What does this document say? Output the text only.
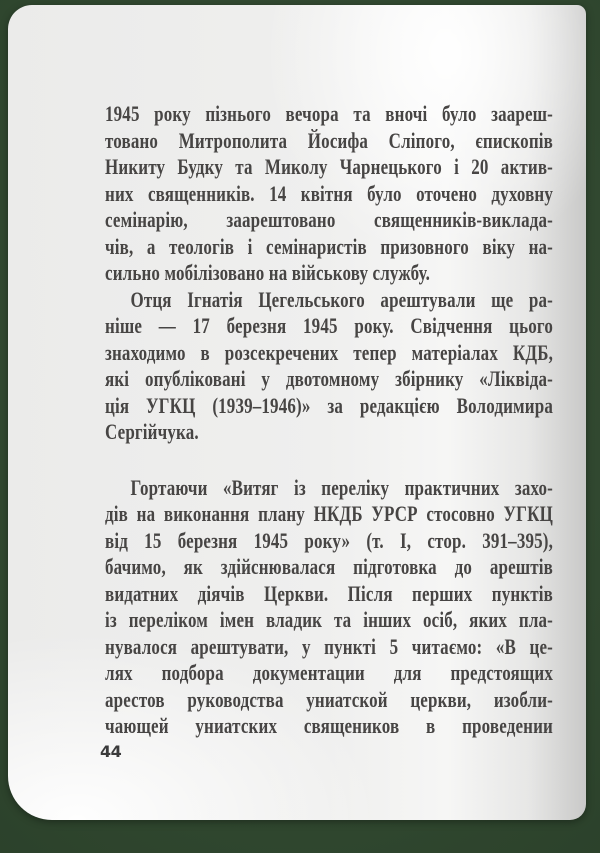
1945 року пізнього вечора та вночі було заареш-
товано Митрополита Йосифа Сліпого, єпископів
Никиту Будку та Миколу Чарнецького і 20 актив-
них священників. 14 квітня було оточено духовну
семінарію, заарештовано священників-виклада-
чів, а теологів і семінаристів призовного віку на-
сильно мобілізовано на військову службу.
Отця Ігнатія Цегельського арештували ще ра-
ніше — 17 березня 1945 року. Свідчення цього
знаходимо в розсекречених тепер матеріалах КДБ,
які опубліковані у двотомному збірнику «Ліквіда-
ція УГКЦ (1939–1946)» за редакцією Володимира
Сергійчука.
Гортаючи «Витяг із переліку практичних захо-
дів на виконання плану НКДБ УРСР стосовно УГКЦ
від 15 березня 1945 року» (т. І, стор. 391–395),
бачимо, як здійснювалася підготовка до арештів
видатних діячів Церкви. Після перших пунктів
із переліком імен владик та інших осіб, яких пла-
нувалося арештувати, у пункті 5 читаємо: «В це-
лях подбора документации для предстоящих
арестов руководства униатской церкви, изобли-
чающей униатских священиков в проведении
44
